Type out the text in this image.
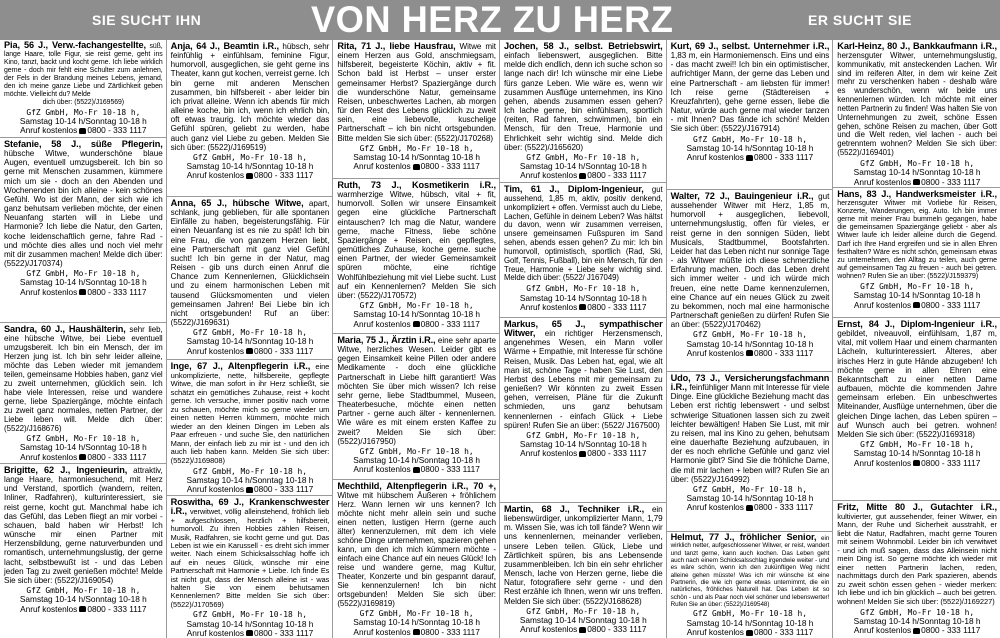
SIE SUCHT IHN	VON HERZ ZU HERZ	ER SUCHT SIE
Pia, 56 J., Verw.-fachangestellte, süß, lange Haare, tolle Figur, sie reist gerne, geht ins Kino, tanzt, backt und kocht gerne. Ich liebe wirklich gerne - doch mir fehlt eine Schulter zum anlehnen, der Fels in der Brandung meines Lebens, jemand, den ich meine ganze Liebe und Zärtlichkeit geben möchte. Vielleicht du? Melde
dich über: (5522)/J169569)
GfZ GmbH, Mo-Fr 10-18 h,
Samstag 10-14 h/Sonntag 10-18 h
Anruf kostenlos 0800 - 333 1117
Stefanie, 58 J., süße Pflegerin, hübsche Witwe, wunderschöne blaue Augen, eventuell umzugsbereit. Ich bin so gerne mit Menschen zusammen, kümmere mich um sie - doch an den Abenden und Wochenenden bin ich alleine - kein schönes Gefühl. Wo ist der Mann, der sich wie ich ganz behutsam verlieben möchte, der einen Neuanfang starten will in Liebe und Harmonie? Ich liebe die Natur, den Garten, koche leidenschaftlich gerne, fahre Rad - und möchte dies alles und noch viel mehr mit dir zusammen machen! Melde dich über: (5522)/J170374)
GfZ GmbH, Mo-Fr 10-18 h,
Samstag 10-14 h/Sonntag 10-18 h
Anruf kostenlos 0800 - 333 1117
Sandra, 60 J., Haushälterin, sehr lieb, eine hübsche Witwe, bei Liebe eventuell umzugsbereit. Ich bin ein Mensch, der im Herzen jung ist. Ich bin sehr leider alleine, möchte das Leben wieder mit jemandem teilen, gemeinsame Hobbies haben, ganz viel zu zweit unternehmen, glücklich sein. Ich habe viele Interessen, reise und wandere gerne, liebe Spaziergänge, möchte einfach zu zweit ganz normales, netten Partner, der Liebe leben will. Melde dich über: (5522)/J168676)
GfZ GmbH, Mo-Fr 10-18 h,
Samstag 10-14 h/Sonntag 10-18 h
Anruf kostenlos 0800 - 333 1117
Brigitte, 62 J., Ingenieurin, attraktiv, lange Haare, harmoniesuchend, mit Herz und Verstand, sportlich (wandern, reiten, Inliner, Radfahren), kulturinteressiert, sie reist gerne, kocht gut. Manchmal habe ich das Gefühl, das Leben fliegt an mir vorbei - schauen, bald haben wir Herbst! Ich wünsche mir einen Partner mit Herzensbildung, gerne naturverbunden und romantisch, unternehmungslustig, der gerne lacht, selbstbewußt ist - und das Leben jeden Tag zu zweit genießen möchte! Melde Sie sich über: (5522)/J169054)
GfZ GmbH, Mo-Fr 10-18 h,
Samstag 10-14 h/Sonntag 10-18 h
Anruf kostenlos 0800 - 333 1117
Anja, 64 J., Beamtin i.R., hübsch, sehr feinfühlig + einfühlsam, feminine Figur, humorvoll, ausgeglichen, sie geht gerne ins Theater, kann gut kochen, verreist gerne. Ich bin gerne mit anderen Menschen zusammen, bin hilfsbereit - aber leider bin ich privat alleine. Wenn ich abends für mich alleine koche, bin ich, wenn ich ehrlich bin, oft etwas traurig. Ich möchte wieder das Gefühl spüren, geliebt zu werden, habe auch ganz viel Liebe zu geben. Melden Sie sich über: (5522)/J169519)
GfZ GmbH, Mo-Fr 10-18 h,
Samstag 10-14 h/Sonntag 10-18 h
Anruf kostenlos 0800 - 333 1117
Anna, 65 J., hübsche Witwe, apart, schlank, jung geblieben, für alle spontanen Einfälle zu haben, begeisterungsfähig. Für einen Neuanfang ist es nie zu spät! Ich bin eine Frau, die von ganzem Herzen liebt, eine Partnerschaft mit ganz viel Gefühl sucht! Ich bin gerne in der Natur, mag Reisen - gib uns durch einen Anruf die Chance zum Kennenlernen, Glücklichsein und zu einem harmonischen Leben mit tausend Glücksmomenten und vielen gemeinsamen Jahren! Bei Liebe bin ich nicht ortsgebunden! Ruf an über: (5522)/J169631)
GfZ GmbH, Mo-Fr 10-18 h,
Samstag 10-14 h/Sonntag 10-18 h
Anruf kostenlos 0800 - 333 1117
Inge, 67 J., Altenpflegerin i.R., eine unkomplizierte, nette, hilfsbereite, gepflegte Witwe, die man sofort in ihr Herz schließt, sie schätzt ein gemütliches Zuhause, reist + kocht gerne. Ich versuche, immer positiv nach vorne zu schauen, möchte mich so gerne wieder um einen netten Herren kümmern, möchte mich wieder an den kleinen Dingen im Leben als Paar erfreuen - und suche Sie, den natürlichen Mann, der einfach lieb zu mir ist - und den ich auch lieb haben kann. Melden Sie sich über: (5522)/J169808)
GfZ GmbH, Mo-Fr 10-18 h,
Samstag 10-14 h/Sonntag 10-18 h
Anruf kostenlos 0800 - 333 1117
Roswitha, 69 J., Krankenschwester i.R., verwitwet, völlig alleinstehend, fröhlich lieb + aufgeschlossen, herzlich + hilfsbereit, humorvoll. Zu ihren Hobbies zählen Reisen, Musik, Radfahren, sie kocht gerne und gut. Das Leben ist wie ein Karussell - es dreht sich immer weiter. Nach einem Schicksalsschlag hoffe ich auf ein neues Glück, wünsche mir eine Partnerschaft mit Harmonie + Liebe. Ich finde Es ist nicht gut, dass der Mensch alleine ist - was halten Sie von einem behutsamen Kennenlernen? Bitte melden Sie sich über: (5522)/J170569)
GfZ GmbH, Mo-Fr 10-18 h,
Samstag 10-14 h/Sonntag 10-18 h
Anruf kostenlos 0800 - 333 1117
Rita, 71 J., liebe Hausfrau, Witwe mit einem Herzen aus Gold, anschmiegsam, hilfsbereit, begeisterte Köchin, aktiv + fit. Schon bald ist Herbst – unser erster gemeinsamer Herbst? Spaziergänge durch die wunderschöne Natur, gemeinsame Reisen, unbeschwertes Lachen, ab morgen für den Rest des Lebens glücklich zu zweit sein, eine liebevolle, kuschelige Partnerschaft – ich bin nicht ortsgebunden. Bitte melden Sie sich über: (5522)/J170268)
GfZ GmbH, Mo-Fr 10-18 h,
Samstag 10-14 h/Sonntag 10-18 h
Anruf kostenlos 0800 - 333 1117
Ruth, 73 J., Kosmetikerin i.R., warmherzige Witwe, hübsch, vital + fit, humorvoll. Sollen wir unsere Einsamkeit gegen eine glückliche Partnerschaft eintauschen? Ich mag die Natur, wandere gerne, mache Fitness, liebe schöne Spaziergänge + Reisen, ein gepflegtes, gemütliches Zuhause, koche gerne. suche einen Partner, der wieder Gemeinsamkeit spüren möchte, eine richtige Wohlfühlbeziehung mit viel Liebe sucht. Lust auf ein Kennenlernen? Melden Sie sich über: (5522)/J170572)
GfZ GmbH, Mo-Fr 10-18 h,
Samstag 10-14 h/Sonntag 10-18 h
Anruf kostenlos 0800 - 333 1117
Maria, 75 J., Ärztin i.R., eine sehr aparte Witwe, herzliches Wesen. Leider gibt es gegen Einsamkeit keine Pillen oder andere Medikamente - doch eine glückliche Partnerschaft in Liebe hilft garantiert! Was möchten Sie über mich wissen? Ich reise sehr gerne, liebe Stadtbummel, Museen, Theaterbesuche, möchte einen netten Partner - gerne auch älter - kennenlernen. Wie wäre es mit einem ersten Kaffee zu zweit? Melden Sie sich über: (5522)/J167950)
GfZ GmbH, Mo-Fr 10-18 h,
Samstag 10-14 h/Sonntag 10-18 h
Anruf kostenlos 0800 - 333 1117
Mechthild, Altenpflegerin i.R., 70 +, Witwe mit hübschem Äußeren + fröhlichem Herz. Wann lernen wir uns kennen? Ich möchte nicht mehr allein sein und suche einen netten, lustigen Herrn (gerne auch älter) kennenzulernen, mit dem ich viele schöne Dinge unternehmen, spazieren gehen kann, um den ich mich kümmern möchte - einfach eine Chance auf ein neues Glück! Ich reise und wandere gerne, mag Kultur, Theater, Konzerte und bin gespannt darauf, Sie kennenzulernen! Ich bin nicht ortsgebunden! Melden Sie sich über: (5522)/J169819)
GfZ GmbH, Mo-Fr 10-18 h,
Samstag 10-14 h/Sonntag 10-18 h
Anruf kostenlos 0800 - 333 1117
Jochen, 58 J., selbst. Betriebswirt, einfach liebenswert, ausgeglichen. Bitte melde dich endlich, denn ich suche schon so lange nach dir! Ich wünsche mir eine Liebe fürs ganze Leben. Wie wäre es, wenn wir zusammen Ausflüge unternehmen, ins Kino gehen, abends zusammen essen gehen? Ich lache gerne, bin einfühlsam, sportlich (reiten, Rad fahren, schwimmen), bin ein Mensch, für den Treue, Harmonie und Ehrlichkeit sehr wichtig sind. Melde dich über: (5522)/J165620)
GfZ GmbH, Mo-Fr 10-18 h,
Samstag 10-14 h/Sonntag 10-18 h
Anruf kostenlos 0800 - 333 1117
Tim, 61 J., Diplom-Ingenieur, gut aussehend, 1,85 m, aktiv, positiv denkend, unkompliziert + offen. Vermisst auch du Liebe, Lachen, Gefühle in deinem Leben? Was hältst du davon, wenn wir zusammen verreisen, unsere gemeinsamen Fußspuren im Sand sehen, abends essen gehen? Zu mir: Ich bin humorvoll, optimistisch, sportlich (Rad, Ski, Golf, Tennis, Fußball), bin ein Mensch, für den Treue, Harmonie + Liebe sehr wichtig sind. Melde dich über: (5522/ J167049)
GfZ GmbH, Mo-Fr 10-18 h,
Samstag 10-14 h/Sonntag 10-18 h
Anruf kostenlos 0800 - 333 1117
Markus, 65 J., sympathischer Witwer, ein richtiger Herzensmensch, angenehmes Wesen, ein Mann voller Wärme + Empathie, mit Interesse für schöne Reisen, Musik. Das Leben hat, egal, wie alt man ist, schöne Tage - haben Sie Lust, den Herbst des Lebens mit mir gemeinsam zu genießen? Wir könnten zu zweit Essen gehen, verreisen, Pläne für die Zukunft schmieden, uns ganz behutsam kennenlernen - einfach Glück + Liebe spüren! Rufen Sie an über: (5522/ J167500)
GfZ GmbH, Mo-Fr 10-18 h,
Samstag 10-14 h/Sonntag 10-18 h
Anruf kostenlos 0800 - 333 1117
Martin, 68 J., Techniker i.R., ein liebenswürdiger, unkomplizierter Mann, 1,79 m. Wissen Sie, was ich toll fände? Wenn wir uns kennenlernen, meinander verlieben, unsere Leben teilen. Glück, Liebe und Zärtlichkeit spüren, bis ans Lebensende zusammenbleiben. Ich bin ein sehr ehrlicher Mensch, lache von Herzen gerne, liebe die Natur, fotografiere sehr gerne - und den Rest erzähle ich Ihnen, wenn wir uns treffen. Melden Sie sich über: (5522)/J168628)
GfZ GmbH, Mo-Fr 10-18 h,
Samstag 10-14 h/Sonntag 10-18 h
Anruf kostenlos 0800 - 333 1117
Kurt, 69 J., selbst. Unternehmer i.R., 1,83 m, ein Harmoniemensch. Eins und eins - das macht zwei!! Ich bin ein optimistischer, aufrichtiger Mann, der gerne das Leben und eine Partnerschaft - am liebsten für immer! Ich reise gerne (Städtereisen + Kreuzfahrten), gehe gerne essen, liebe die Natur, würde auch gerne mal wieder tanzen - mit Ihnen? Das fände ich schön! Melden Sie sich über: (5522)/J167914)
GfZ GmbH, Mo-Fr 10-18 h,
Samstag 10-14 h/Sonntag 10-18 h
Anruf kostenlos 0800 - 333 1117
Walter, 72 J., Bauingenieur i.R., gut aussehender Witwer mit Herz, 1,85 m, humorvoll + ausgeglichen, liebevoll, unternehmungslustig, offen für vieles, er reist gerne in den sonnigen Süden, liebt Musicals, Stadtbummel, Bootsfahrten. Leider hat das Leben nicht nur sonnige Tage - als Witwer müßte ich diese schmerzliche Erfahrung machen. Doch das Leben dreht sich immer weiter - und ich würde mich freuen, eine nette Dame kennenzulernen, eine Chance auf ein neues Glück zu zweit zu bekommen, noch mal eine harmonische Partnerschaft genießen zu dürfen! Rufen Sie an über: (5522)/J170462)
GfZ GmbH, Mo-Fr 10-18 h,
Samstag 10-14 h/Sonntag 10-18 h
Anruf kostenlos 0800 - 333 1117
Udo, 73 J., Versicherungsfachmann i.R., feinfühliger Mann mit Interesse für viele Dinge. Eine glückliche Beziehung macht das Leben erst richtig lebenswert - und selbst schwierige Situationen lassen sich zu zweit leichter bewältigen! Haben Sie Lust, mit mir zu reisen, mal ins Kino zu gehen, behutsam eine dauerhafte Beziehung aufzubauen, in der es noch ehrliche Gefühle und ganz viel Harmonie gibt? Sind Sie die fröhliche Dame, die mit mir lachen + leben will? Rufen Sie an über: (5522)/J164992)
GfZ GmbH, Mo-Fr 10-18 h,
Samstag 10-14 h/Sonntag 10-18 h
Anruf kostenlos 0800 - 333 1117
Helmut, 77 J., fröhlicher Senior, ein wirklich netter, aufgeschlossener Witwer, er reist, wandert und tanzt gerne, kann auch kochen. Das Leben geht auch nach einem Schicksalsschlag irgendwie weiter - und es wäre schön, wenn ich den zukünftigen Weg nicht alleine gehen müsste! Was ich mir wünsche ist eine Partnerin, die wie ich gerne etwas unternimmt, die ein natürliches, fröhliches Naturell hat. Das Leben ist so schön - und als Paar noch viel schöner und lebenswerter! Rufen Sie an über: (5522)/J169548)
GfZ GmbH, Mo-Fr 10-18 h,
Samstag 10-14 h/Sonntag 10-18 h
Anruf kostenlos 0800 - 333 1117
Karl-Heinz, 80 J., Bankkaufmann i.R., herzensguter Witwer, unternehmungslustig, kommunikativ, mit ansteckenden Lachen. Wir sind im reiferen Alter, in dem wir keine Zeit mehr zu verschenken haben - deshalb wäre es wunderschön, wenn wir beide uns kennenlernen würden. Ich möchte mit einer netten Partnerin zu finden! Was halten Sie von Unternehmungen zu zweit, schöne Essen gehen, schöne Reisen zu machen, über Gott und die Welt reden, viel lachen - auch bei getrenntem wohnen? Melden Sie sich über: (5522)/J169401)
GfZ GmbH, Mo-Fr 10-18 h,
Samstag 10-14 h/Sonntag 10-18 h
Anruf kostenlos 0800 - 333 1117
Hans, 83 J., Handwerksmeister i.R., herzensguter Witwer mit Vorliebe für Reisen, Konzerte, Wanderungen, eig. Auto. Ich bin immer gerne mit meiner Frau bummeln gegangen, habe die gemeinsamen Spaziergänge geliebt - aber als Witwer laufe ich leider alleine durch die Gegend. Darf ich Ihre Hand ergreifen und sie in allen Ehren festhalten? Wäre es nicht schön, gemeinsam etwas zu unternehmen, den Alltag zu teilen, auch gerne auf gemeinsamen Tag zu freuen - auch bei getren. wohnen? Rufen Sie an über: (5522)/J159379)
GfZ GmbH, Mo-Fr 10-18 h,
Samstag 10-14 h/Sonntag 10-18 h
Anruf kostenlos 0800 - 333 1117
Ernst, 84 J., Diplom-Ingenieur i.R., gebildet, niveauvoll, einfühlsam, 1,87 m, vital, mit vollem Haar und einem charmanten Lächeln, kulturinteressiert. Älteres, aber irisches Herz in gute Hände abzugeben! Ich möchte gerne in allen Ehren eine Bekanntschaft zu einer netten Dame aufbauen, möchte die kommenden Jahre gemeinsam erleben. Ein unbeschwertes Miteinander, Ausflüge unternehmen, über die gleichen Dinge lachen, das Leben spüren – auf Wunsch auch bei getren. wohnen! Melden Sie sich über: (5522)/J169318)
GfZ GmbH, Mo-Fr 10-18 h,
Samstag 10-14 h/Sonntag 10-18 h
Anruf kostenlos 0800 - 333 1117
Fritz, Mitte 80 J., Gutachter i.R., kultivierter, gut aussehender, feiner Witwer, ein Mann, der Ruhe und Sicherheit ausstrahlt, er liebt die Natur, Radfahren, macht gerne Touren mit seinem Wohnmobil. Leider bin ich verwitwet - und ich muß sagen, dass das Alleinsein nicht mein Ding ist. So gerne möchte ich wieder mit einer netten Partnerin lachen, reden, nachmittags durch den Park spazieren, abends zu zweit schön essen gehen - wieder merken: Ich liebe und ich bin glücklich – auch bei getren. wohnen! Melden Sie sich über: (5522)/J169227)
GfZ GmbH, Mo-Fr 10-18 h,
Samstag 10-14 h/Sonntag 10-18 h
Anruf kostenlos 0800 - 333 1117
